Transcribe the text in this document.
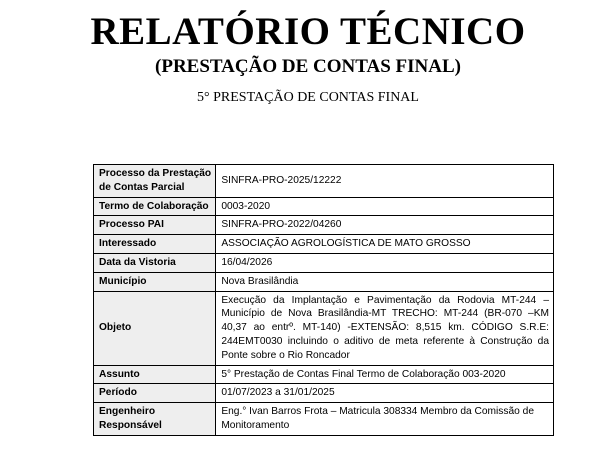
RELATÓRIO TÉCNICO
(PRESTAÇÃO DE CONTAS FINAL)
5° PRESTAÇÃO DE CONTAS FINAL
Processo da Prestação de Contas Parcial	SINFRA-PRO-2025/12222
Termo de Colaboração	0003-2020
Processo PAI	SINFRA-PRO-2022/04260
Interessado	ASSOCIAÇÃO AGROLOGÍSTICA DE MATO GROSSO
Data da Vistoria	16/04/2026
Município	Nova Brasilândia
Objeto	Execução da Implantação e Pavimentação da Rodovia MT-244 – Município de Nova Brasilândia-MT TRECHO: MT-244 (BR-070 –KM 40,37 ao entrº. MT-140) -EXTENSÃO: 8,515 km. CÓDIGO S.R.E: 244EMT0030 incluindo o aditivo de meta referente à Construção da Ponte sobre o Rio Roncador
Assunto	5° Prestação de Contas Final Termo de Colaboração 003-2020
Período	01/07/2023 a 31/01/2025
Engenheiro Responsável	Eng.° Ivan Barros Frota – Matricula 308334 Membro da Comissão de Monitoramento
